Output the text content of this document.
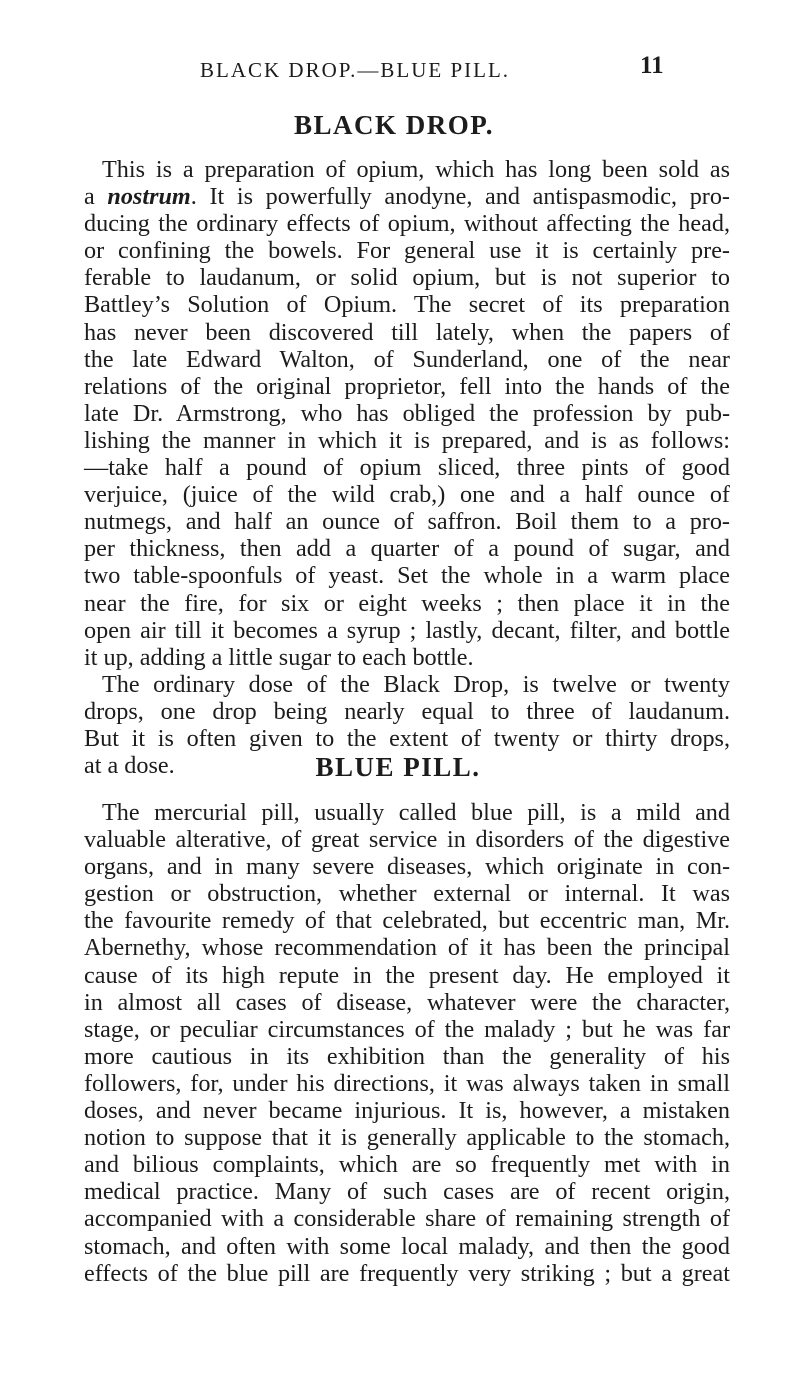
BLACK DROP.—BLUE PILL.	11
BLACK DROP.
This is a preparation of opium, which has long been sold as
a nostrum. It is powerfully anodyne, and antispasmodic, pro-
ducing the ordinary effects of opium, without affecting the head,
or confining the bowels. For general use it is certainly pre-
ferable to laudanum, or solid opium, but is not superior to
Battley’s Solution of Opium. The secret of its preparation
has never been discovered till lately, when the papers of
the late Edward Walton, of Sunderland, one of the near
relations of the original proprietor, fell into the hands of the
late Dr. Armstrong, who has obliged the profession by pub-
lishing the manner in which it is prepared, and is as follows:
—take half a pound of opium sliced, three pints of good
verjuice, (juice of the wild crab,) one and a half ounce of
nutmegs, and half an ounce of saffron. Boil them to a pro-
per thickness, then add a quarter of a pound of sugar, and
two table-spoonfuls of yeast. Set the whole in a warm place
near the fire, for six or eight weeks ; then place it in the
open air till it becomes a syrup ; lastly, decant, filter, and bottle
it up, adding a little sugar to each bottle.
The ordinary dose of the Black Drop, is twelve or twenty
drops, one drop being nearly equal to three of laudanum.
But it is often given to the extent of twenty or thirty drops,
at a dose.	BLUE PILL.
The mercurial pill, usually called blue pill, is a mild and
valuable alterative, of great service in disorders of the digestive
organs, and in many severe diseases, which originate in con-
gestion or obstruction, whether external or internal. It was
the favourite remedy of that celebrated, but eccentric man, Mr.
Abernethy, whose recommendation of it has been the principal
cause of its high repute in the present day. He employed it
in almost all cases of disease, whatever were the character,
stage, or peculiar circumstances of the malady ; but he was far
more cautious in its exhibition than the generality of his
followers, for, under his directions, it was always taken in small
doses, and never became injurious. It is, however, a mistaken
notion to suppose that it is generally applicable to the stomach,
and bilious complaints, which are so frequently met with in
medical practice. Many of such cases are of recent origin,
accompanied with a considerable share of remaining strength of
stomach, and often with some local malady, and then the good
effects of the blue pill are frequently very striking ; but a great
